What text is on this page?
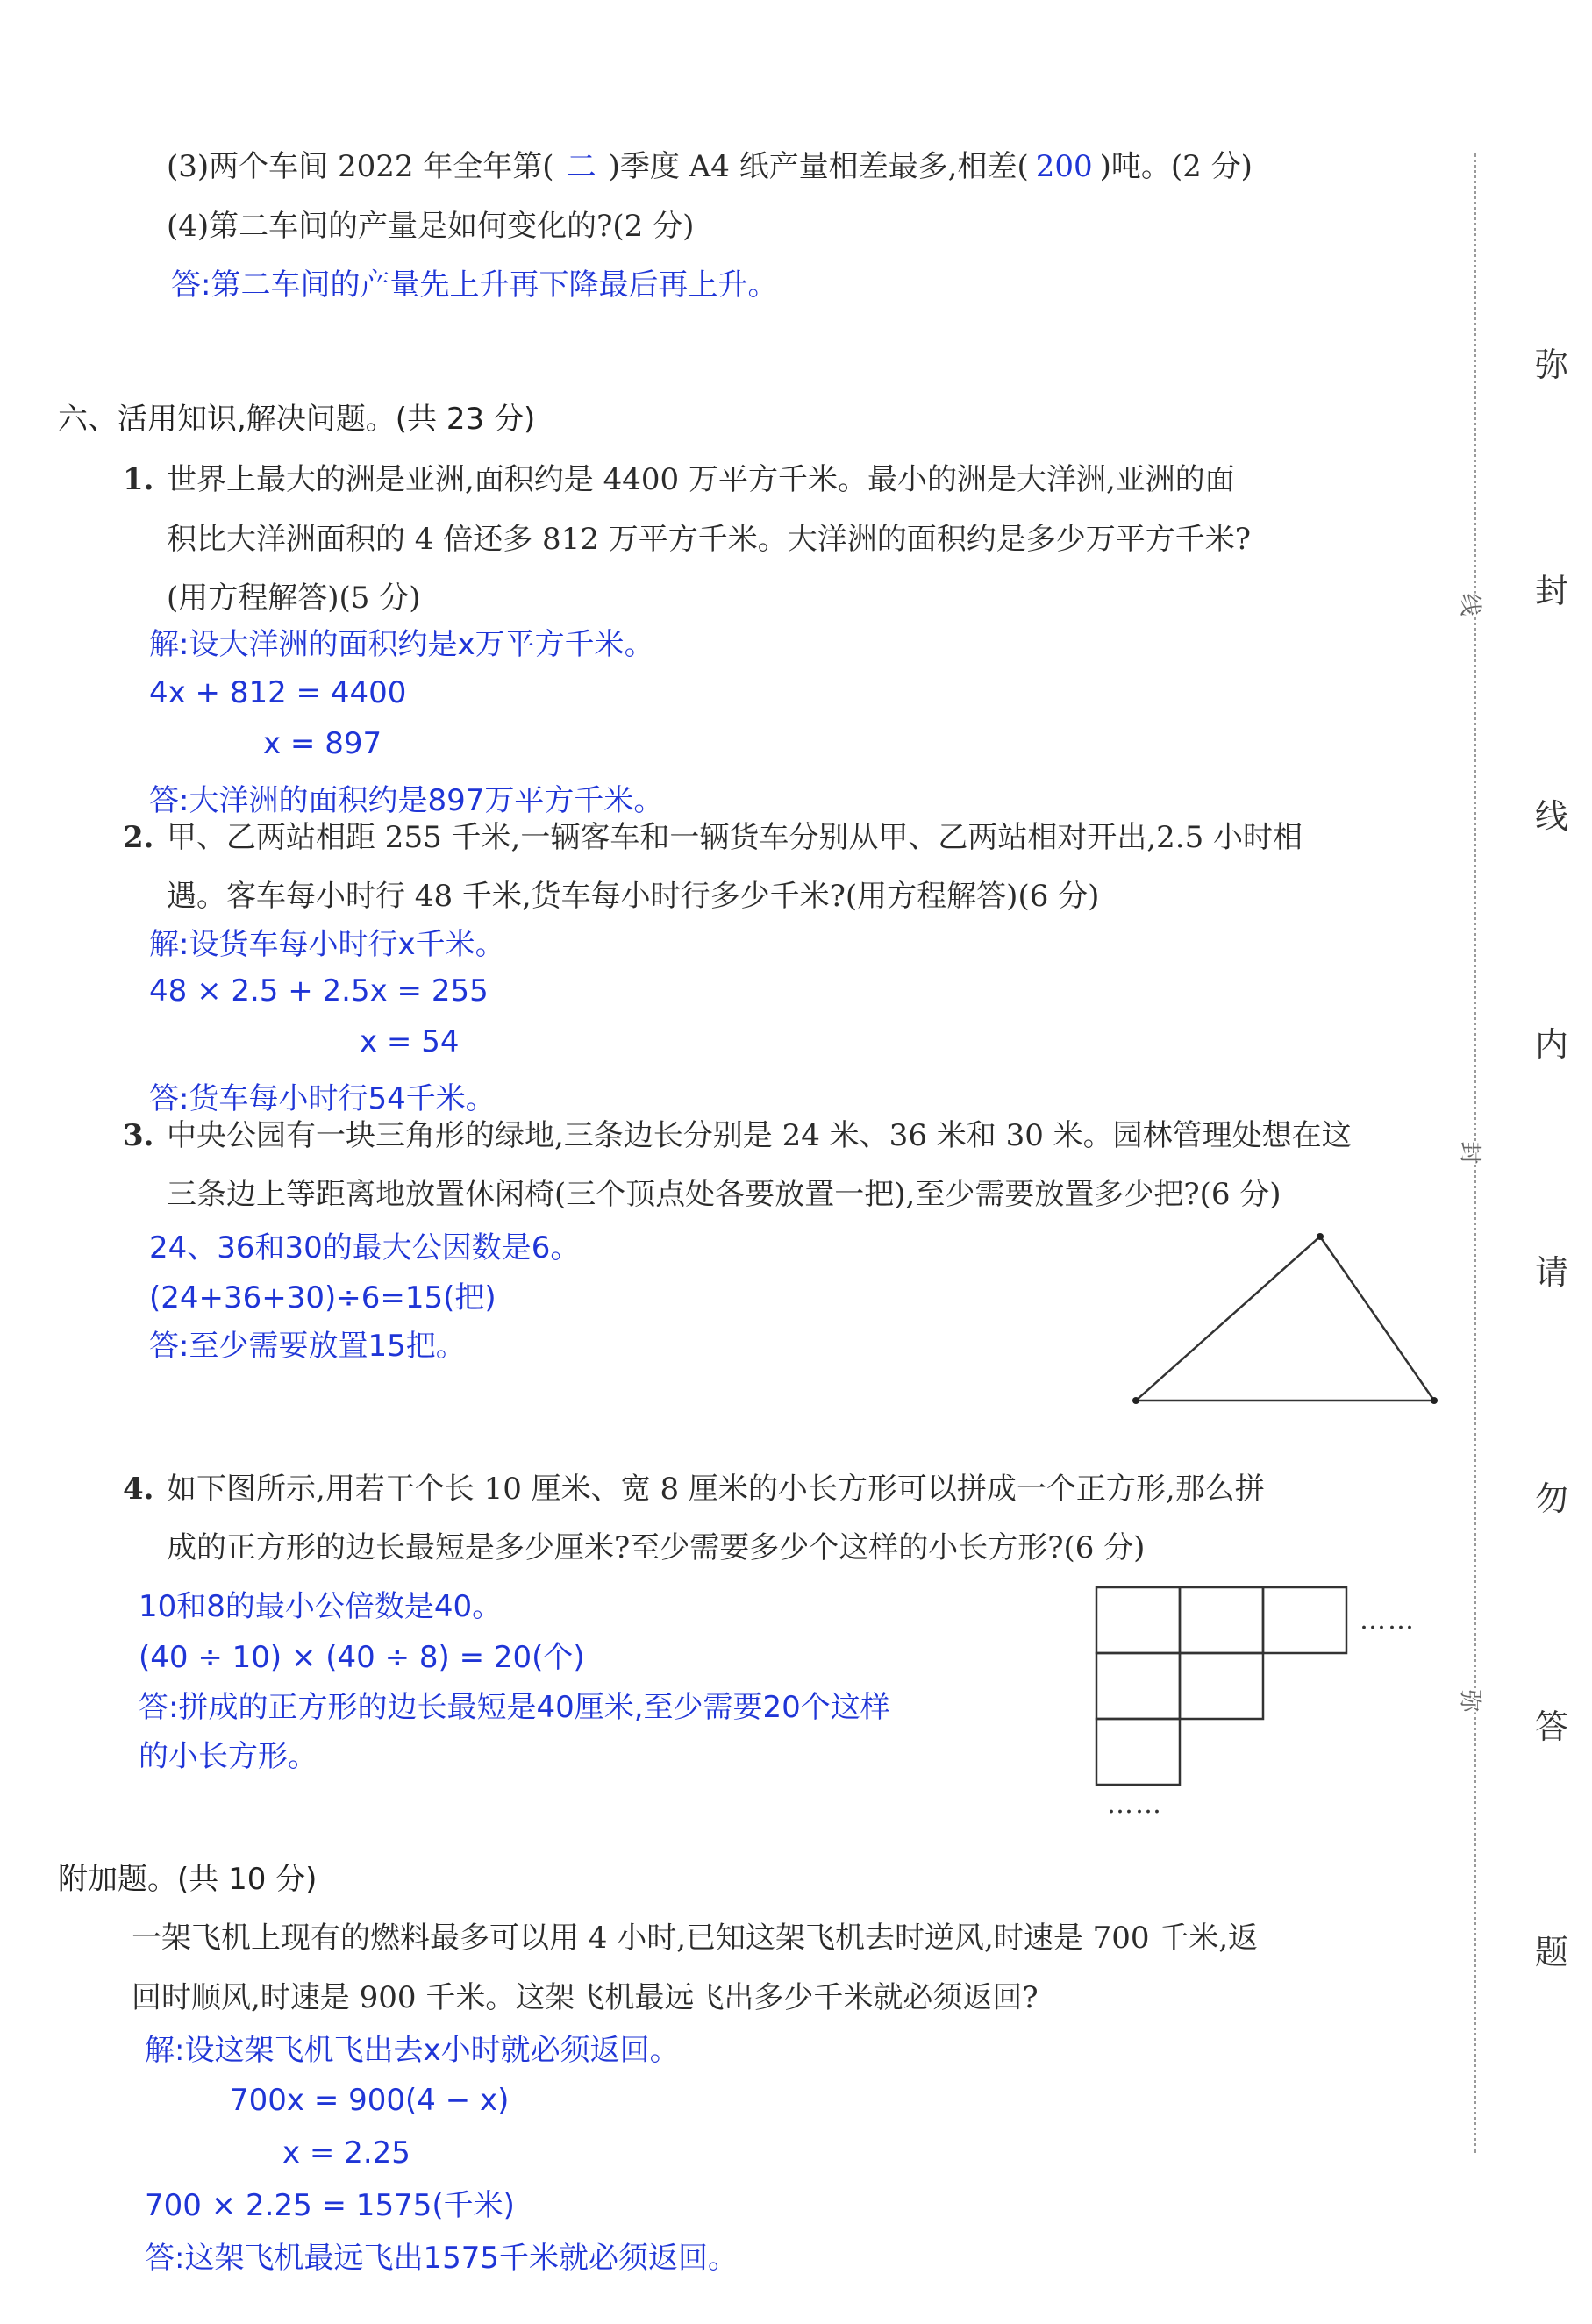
(3)两个车间 2022 年全年第( 二 )季度 A4 纸产量相差最多,相差( 200 )吨。(2 分)
(4)第二车间的产量是如何变化的?(2 分)
答:第二车间的产量先上升再下降最后再上升。
六、活用知识,解决问题。(共 23 分)
1. 世界上最大的洲是亚洲,面积约是 4400 万平方千米。最小的洲是大洋洲,亚洲的面
积比大洋洲面积的 4 倍还多 812 万平方千米。大洋洲的面积约是多少万平方千米?
(用方程解答)(5 分)
解:设大洋洲的面积约是x万平方千米。
4x + 812 = 4400
x = 897
答:大洋洲的面积约是897万平方千米。
2. 甲、乙两站相距 255 千米,一辆客车和一辆货车分别从甲、乙两站相对开出,2.5 小时相
遇。客车每小时行 48 千米,货车每小时行多少千米?(用方程解答)(6 分)
解:设货车每小时行x千米。
48 × 2.5 + 2.5x = 255
x = 54
答:货车每小时行54千米。
3. 中央公园有一块三角形的绿地,三条边长分别是 24 米、36 米和 30 米。园林管理处想在这
三条边上等距离地放置休闲椅(三个顶点处各要放置一把),至少需要放置多少把?(6 分)
24、36和30的最大公因数是6。
(24+36+30)÷6=15(把)
答:至少需要放置15把。
4. 如下图所示,用若干个长 10 厘米、宽 8 厘米的小长方形可以拼成一个正方形,那么拼
成的正方形的边长最短是多少厘米?至少需要多少个这样的小长方形?(6 分)
10和8的最小公倍数是40。
(40 ÷ 10) × (40 ÷ 8) = 20(个)
答:拼成的正方形的边长最短是40厘米,至少需要20个这样
的小长方形。
……
……
附加题。(共 10 分)
一架飞机上现有的燃料最多可以用 4 小时,已知这架飞机去时逆风,时速是 700 千米,返
回时顺风,时速是 900 千米。这架飞机最远飞出多少千米就必须返回?
解:设这架飞机飞出去x小时就必须返回。
700x = 900(4 − x)
x = 2.25
700 × 2.25 = 1575(千米)
答:这架飞机最远飞出1575千米就必须返回。
线
封
弥
弥
封
线
内
请
勿
答
题
